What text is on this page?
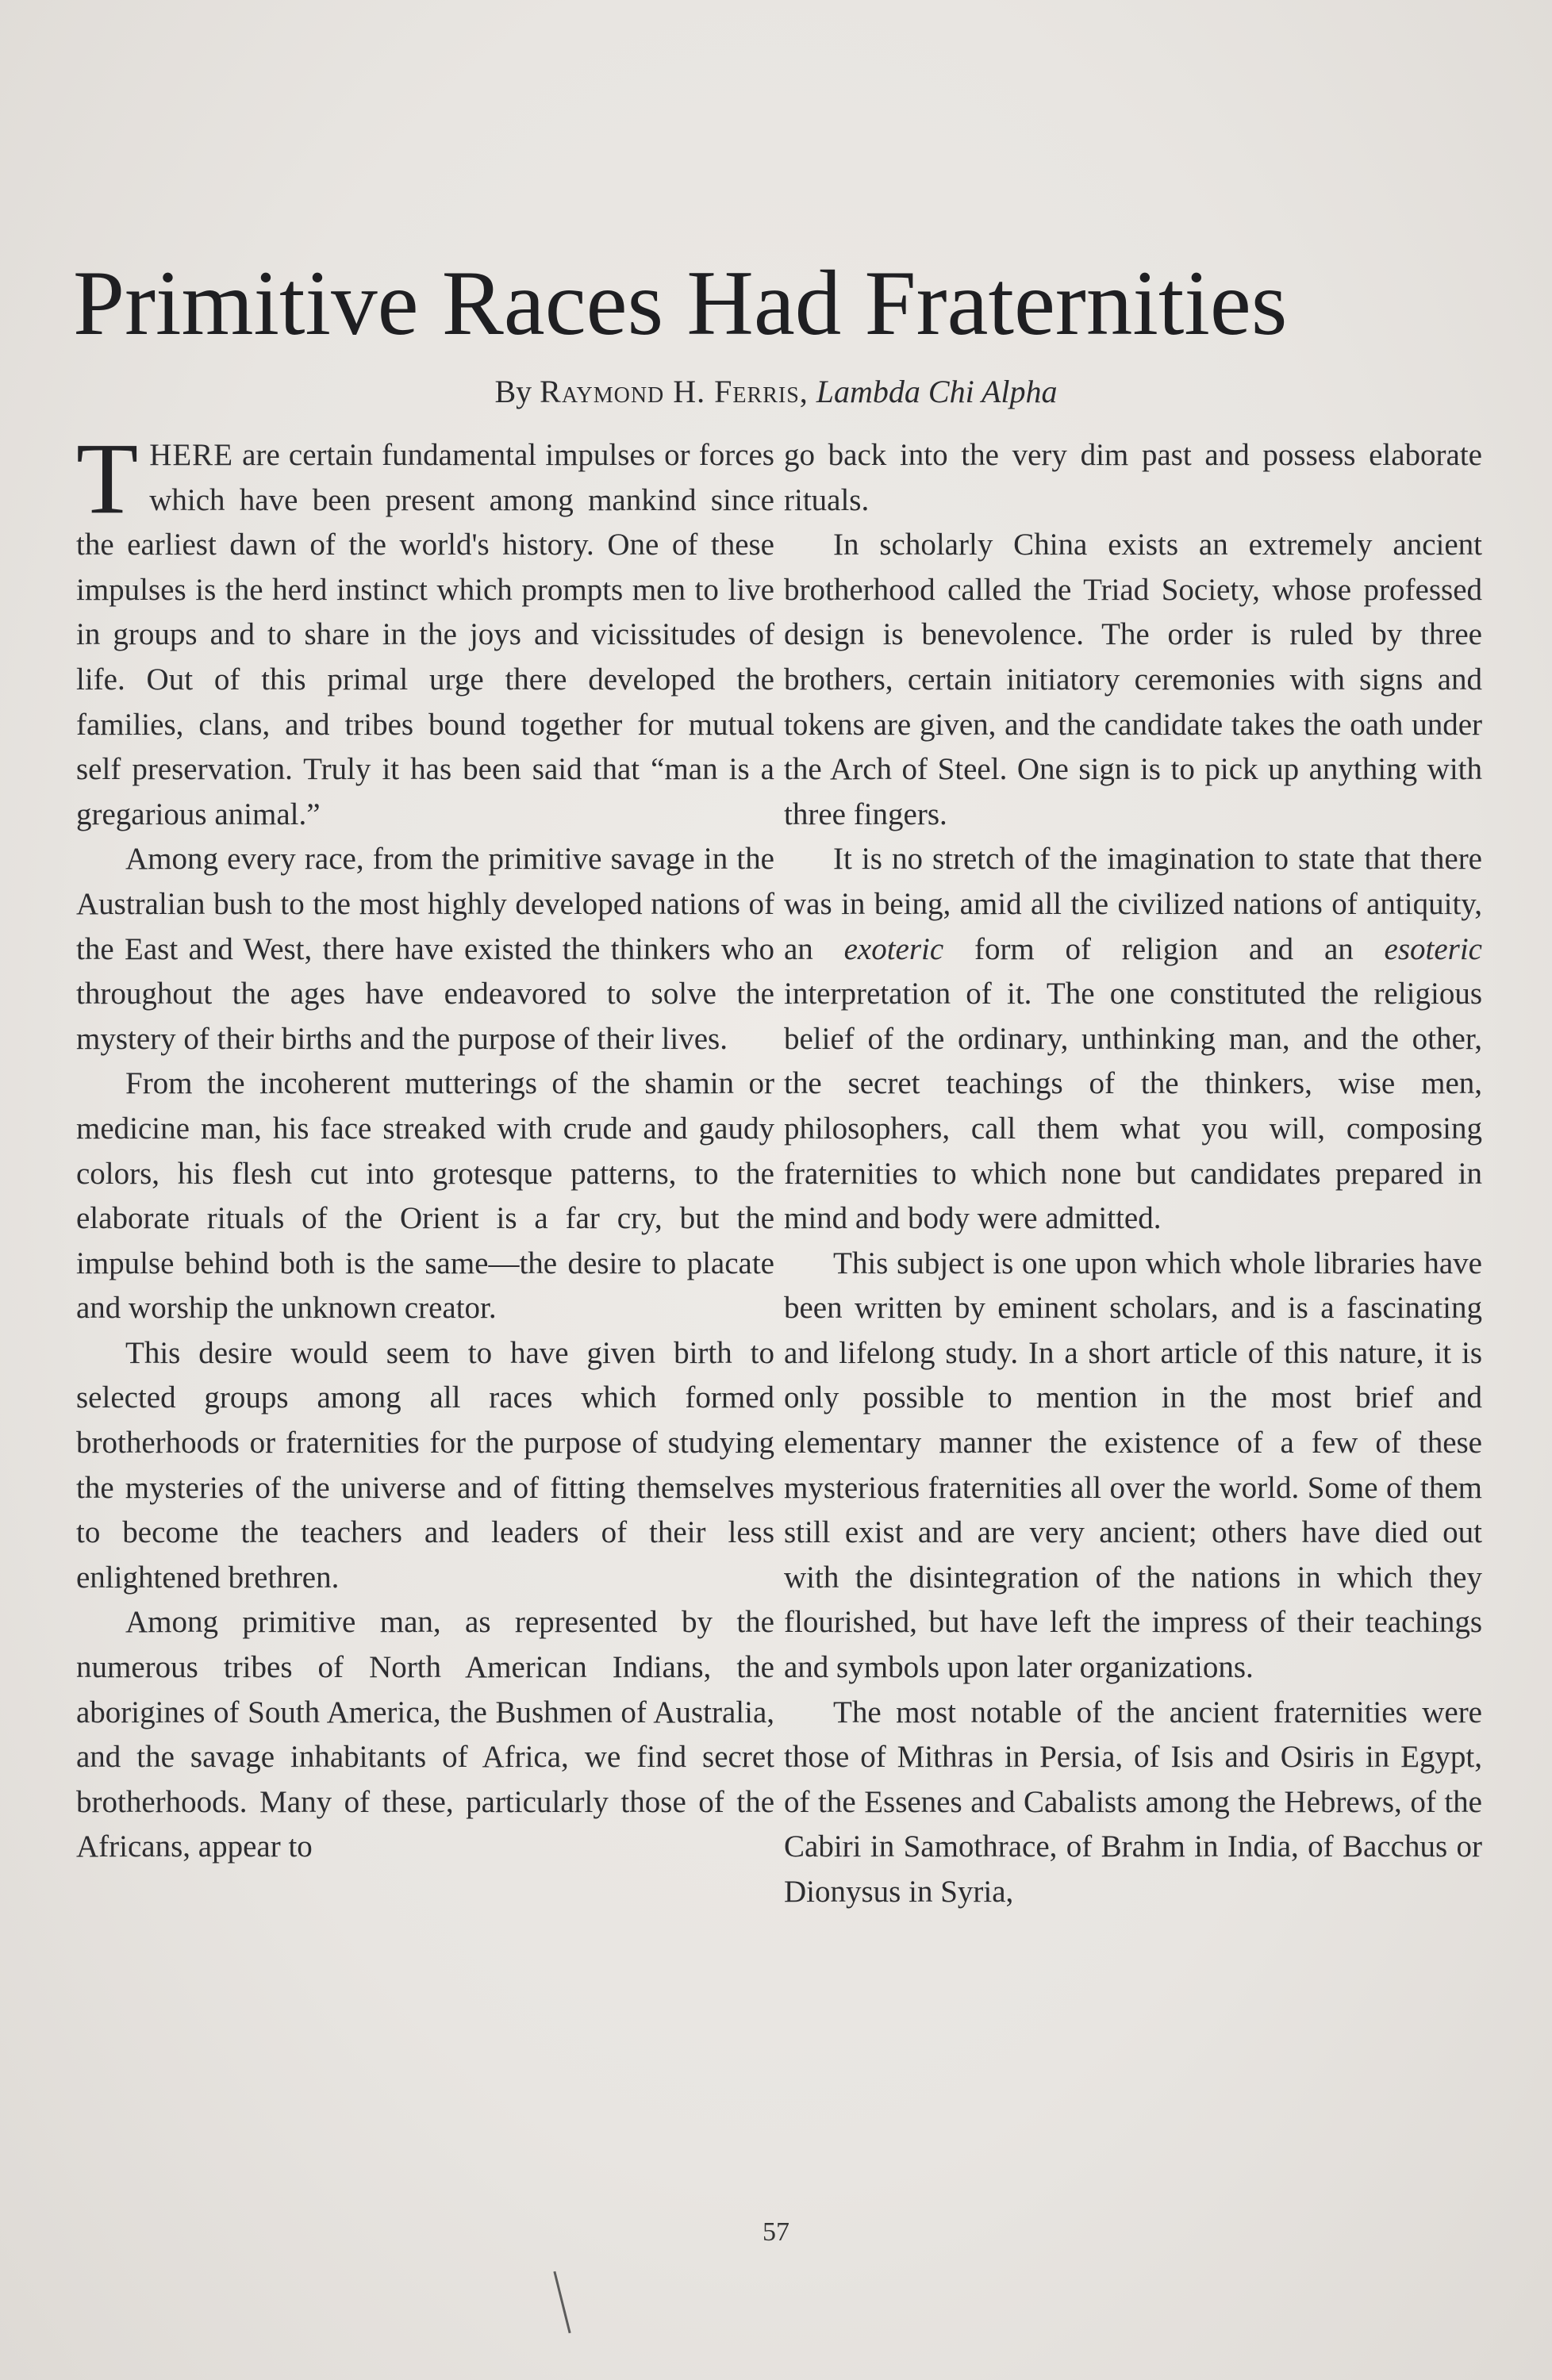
Primitive Races Had Fraternities
By Raymond H. Ferris, Lambda Chi Alpha

THERE are certain fundamental impulses or forces which have been present among mankind since the earliest dawn of the world's history. One of these impulses is the herd instinct which prompts men to live in groups and to share in the joys and vicissitudes of life. Out of this primal urge there developed the families, clans, and tribes bound together for mutual self preservation. Truly it has been said that “man is a gregarious animal.”

Among every race, from the primitive savage in the Australian bush to the most highly developed nations of the East and West, there have existed the thinkers who throughout the ages have endeavored to solve the mystery of their births and the purpose of their lives.

From the incoherent mutterings of the shamin or medicine man, his face streaked with crude and gaudy colors, his flesh cut into grotesque patterns, to the elaborate rituals of the Orient is a far cry, but the impulse behind both is the same—the desire to placate and worship the unknown creator.

This desire would seem to have given birth to selected groups among all races which formed brotherhoods or fraternities for the purpose of studying the mysteries of the universe and of fitting themselves to become the teachers and leaders of their less enlightened brethren.

Among primitive man, as represented by the numerous tribes of North American Indians, the aborigines of South America, the Bushmen of Australia, and the savage inhabitants of Africa, we find secret brotherhoods. Many of these, particularly those of the Africans, appear to

go back into the very dim past and possess elaborate rituals.

In scholarly China exists an extremely ancient brotherhood called the Triad Society, whose professed design is benevolence. The order is ruled by three brothers, certain initiatory ceremonies with signs and tokens are given, and the candidate takes the oath under the Arch of Steel. One sign is to pick up anything with three fingers.

It is no stretch of the imagination to state that there was in being, amid all the civilized nations of antiquity, an exoteric form of religion and an esoteric interpretation of it. The one constituted the religious belief of the ordinary, unthinking man, and the other, the secret teachings of the thinkers, wise men, philosophers, call them what you will, composing fraternities to which none but candidates prepared in mind and body were admitted.

This subject is one upon which whole libraries have been written by eminent scholars, and is a fascinating and lifelong study. In a short article of this nature, it is only possible to mention in the most brief and elementary manner the existence of a few of these mysterious fraternities all over the world. Some of them still exist and are very ancient; others have died out with the disintegration of the nations in which they flourished, but have left the impress of their teachings and symbols upon later organizations.

The most notable of the ancient fraternities were those of Mithras in Persia, of Isis and Osiris in Egypt, of the Essenes and Cabalists among the Hebrews, of the Cabiri in Samothrace, of Brahm in India, of Bacchus or Dionysus in Syria,

57
